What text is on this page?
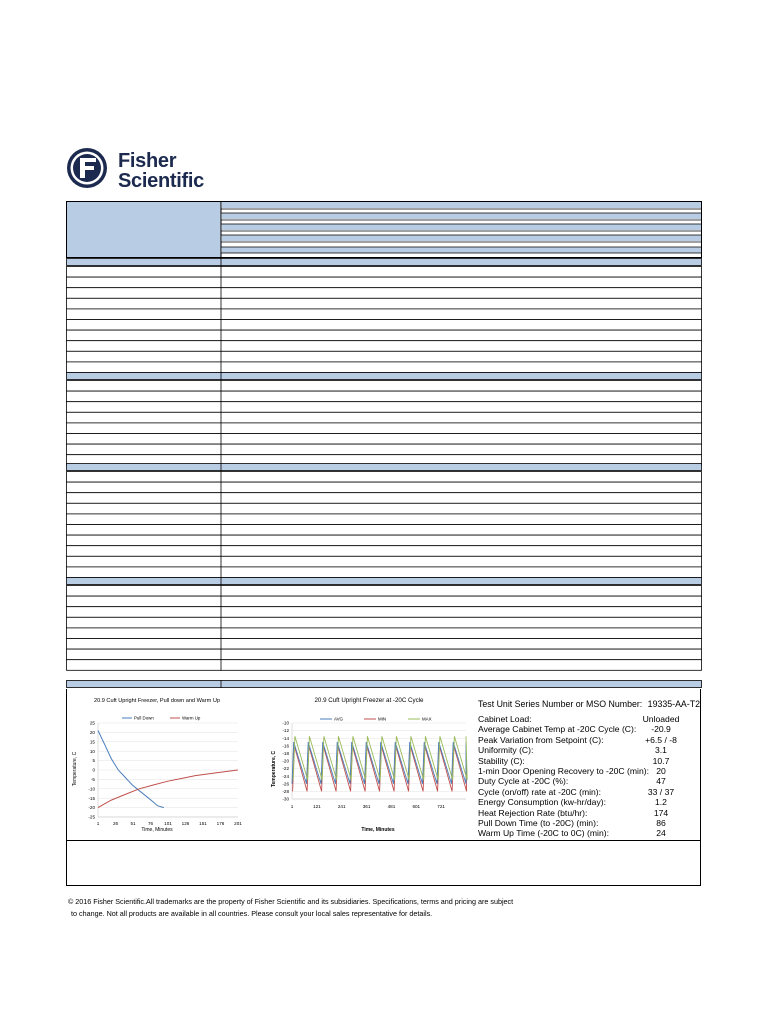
Fisher
Scientific
20.9 Cuft Upright Freezer, Pull down and Warm Up
Pull Down	Warm Up
25
20
15
10
5
0
-5
-10
-15
-20
-25
1	26	51	76 101 126 151 176 201
Time, Minutes
Temperature, C
20.9 Cuft Upright Freezer at -20C Cycle
AVG	MIN	MAX
-10
-12
-14
-16
-18
-20
-22
-24
-26
-28
-30
1	121	241	361	481	601	721
Time, Minutes
Temperature, C
Test Unit Series Number or MSO Number: 19335-AA-T2
Cabinet Load:	Unloaded
Average Cabinet Temp at -20C Cycle (C):	-20.9
Peak Variation from Setpoint (C):	+6.5 / -8
Uniformity (C):	3.1
Stability (C):	10.7
1-min Door Opening Recovery to -20C (min): 20
Duty Cycle at -20C (%):	47
Cycle (on/off) rate at -20C (min):	33 / 37
Energy Consumption (kw-hr/day):	1.2
Heat Rejection Rate (btu/hr):	174
Pull Down Time (to -20C) (min):	86
Warm Up Time (-20C to 0C) (min):	24
© 2016 Fisher Scientific.All trademarks are the property of Fisher Scientific and its subsidiaries. Specifications, terms and pricing are subject
to change. Not all products are available in all countries. Please consult your local sales representative for details.
